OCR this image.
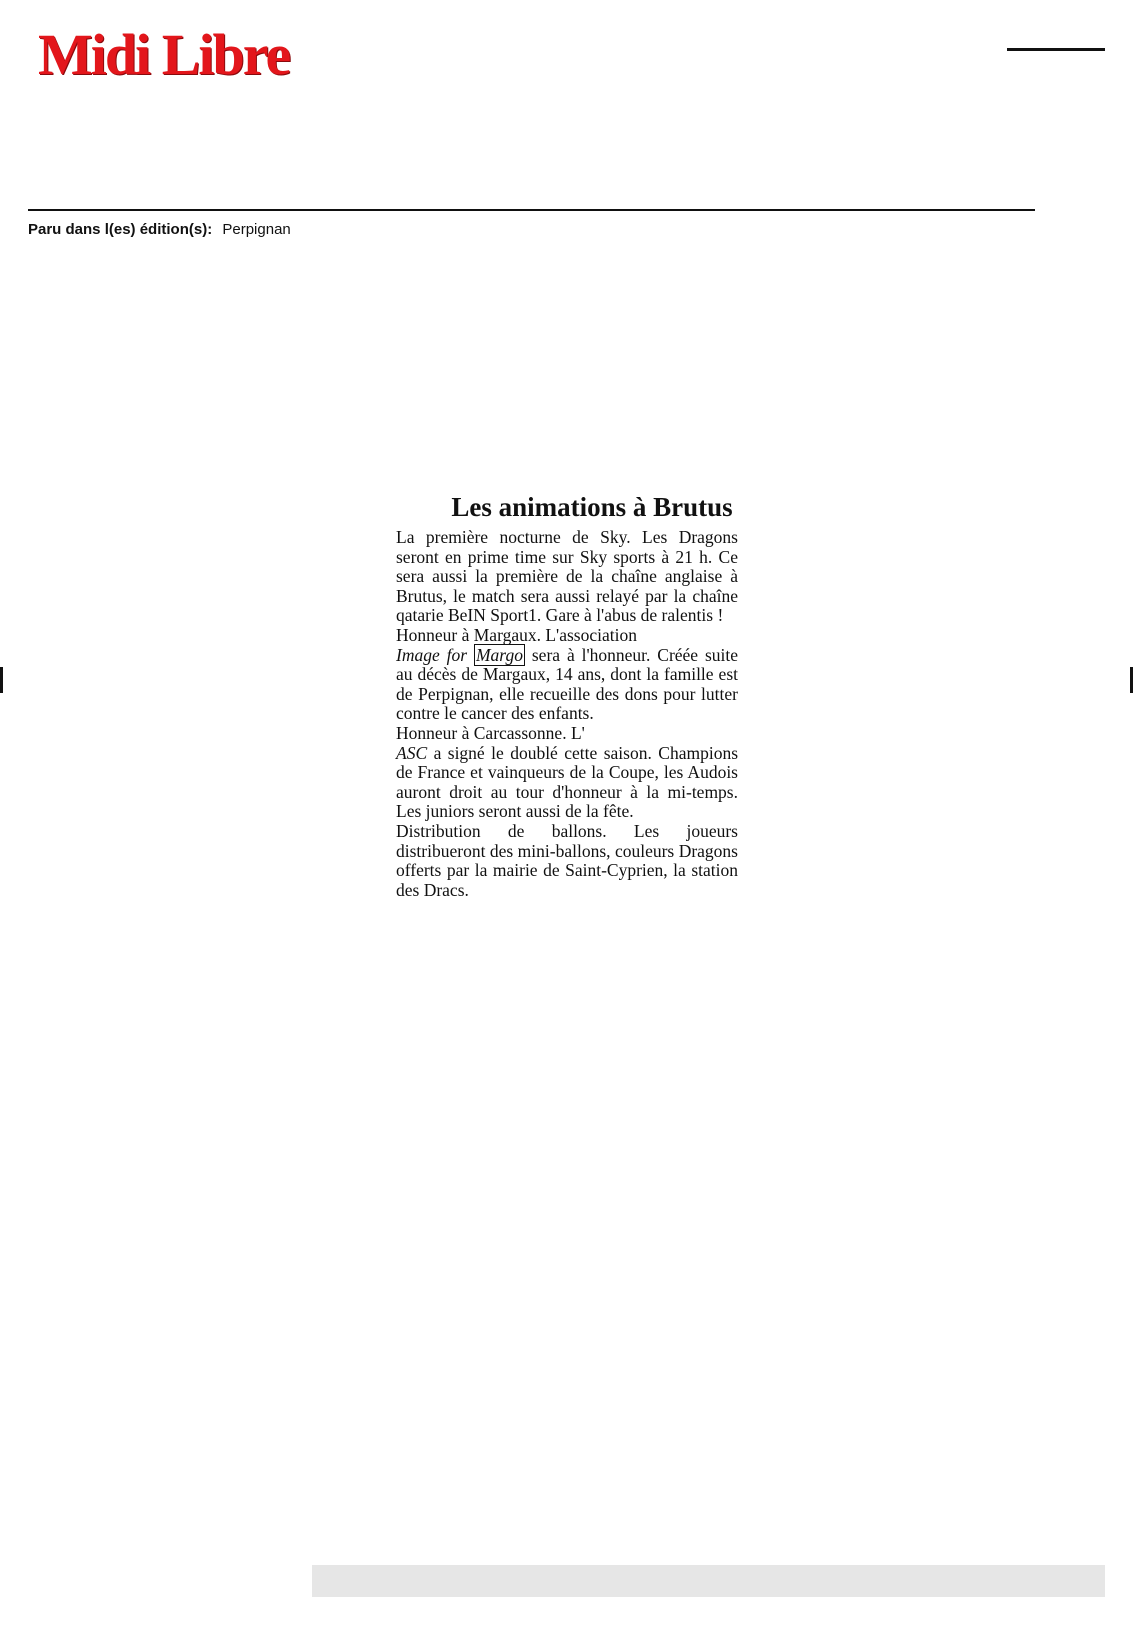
Midi Libre
Paru dans l(es) édition(s): Perpignan
Les animations à Brutus

La première nocturne de Sky. Les Dragons seront en prime time sur Sky sports à 21 h. Ce sera aussi la première de la chaîne anglaise à Brutus, le match sera aussi relayé par la chaîne qatarie BeIN Sport1. Gare à l'abus de ralentis !

Honneur à Margaux. L'association
Image for Margo sera à l'honneur. Créée suite au décès de Margaux, 14 ans, dont la famille est de Perpignan, elle recueille des dons pour lutter contre le cancer des enfants.

Honneur à Carcassonne. L'
ASC a signé le doublé cette saison. Champions de France et vainqueurs de la Coupe, les Audois auront droit au tour d'honneur à la mi-temps. Les juniors seront aussi de la fête.

Distribution de ballons. Les joueurs distribueront des mini-ballons, couleurs Dragons offerts par la mairie de Saint-Cyprien, la station des Dracs.
